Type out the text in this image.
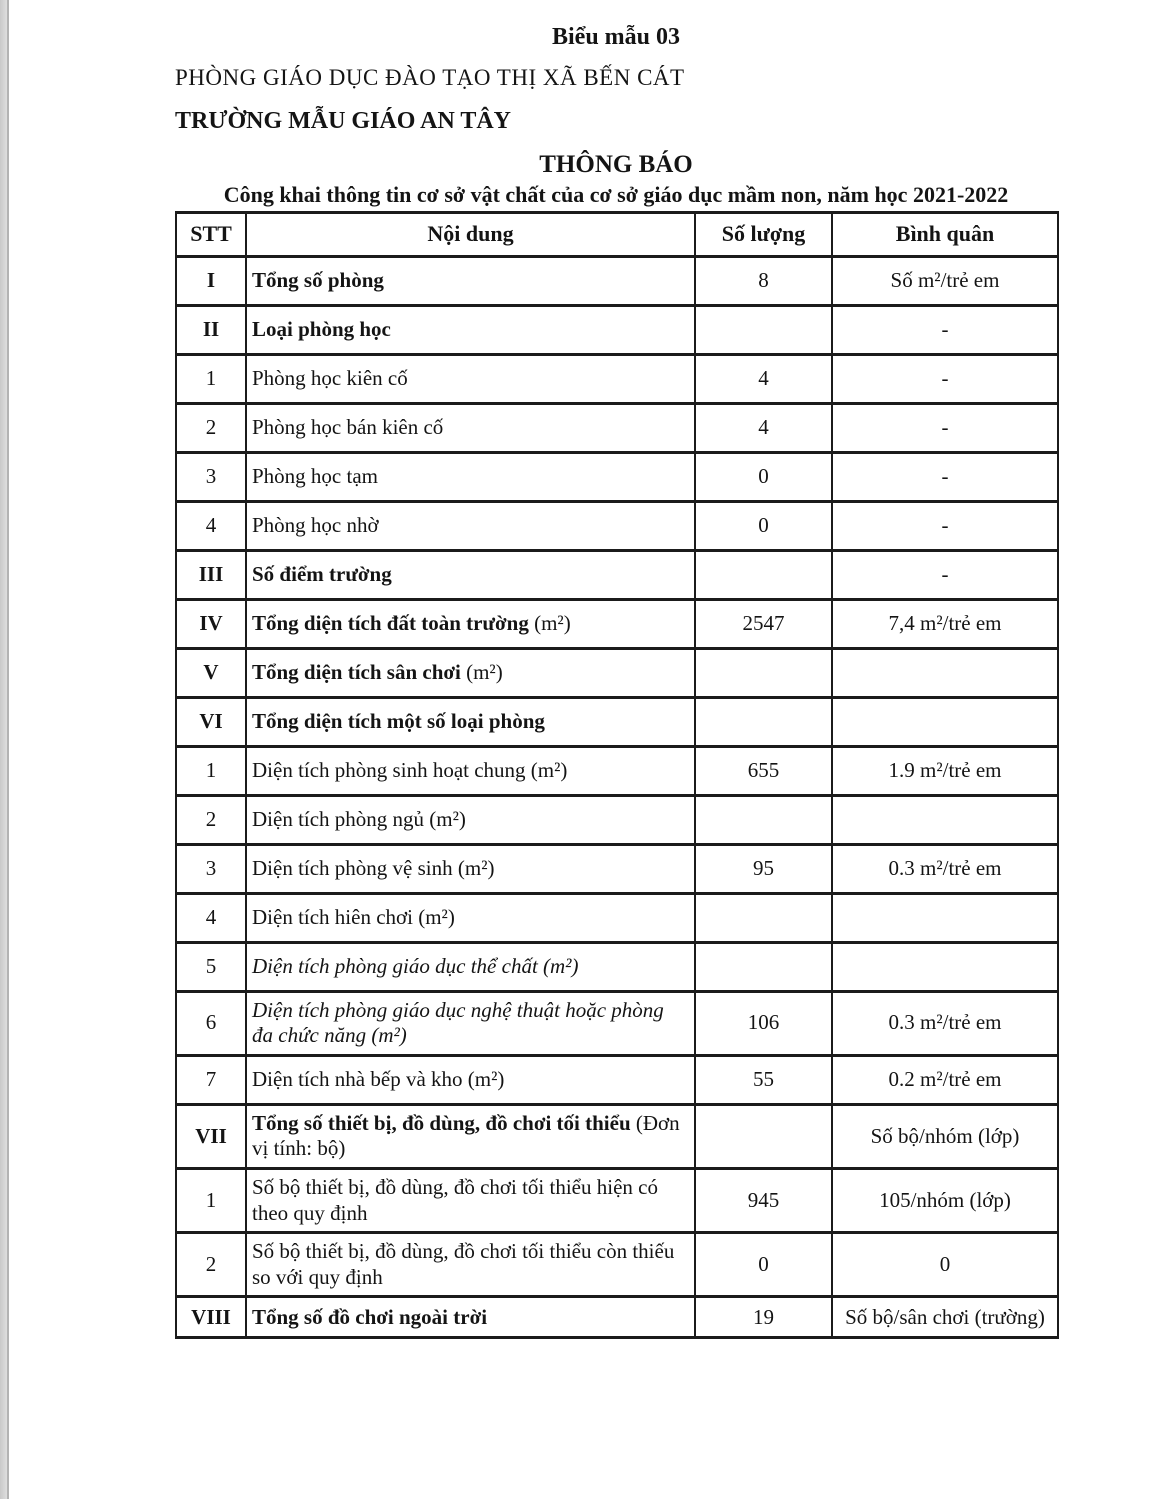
Biểu mẫu 03
PHÒNG GIÁO DỤC ĐÀO TẠO THỊ XÃ BẾN CÁT
TRƯỜNG MẪU GIÁO AN TÂY
THÔNG BÁO
Công khai thông tin cơ sở vật chất của cơ sở giáo dục mầm non, năm học 2021-2022
STT	Nội dung	Số lượng	Bình quân
I	Tổng số phòng	8	Số m²/trẻ em
II	Loại phòng học		-
1	Phòng học kiên cố	4	-
2	Phòng học bán kiên cố	4	-
3	Phòng học tạm	0	-
4	Phòng học nhờ	0	-
III	Số điểm trường		-
IV	Tổng diện tích đất toàn trường (m²)	2547	7,4 m²/trẻ em
V	Tổng diện tích sân chơi (m²)		
VI	Tổng diện tích một số loại phòng		
1	Diện tích phòng sinh hoạt chung (m²)	655	1.9 m²/trẻ em
2	Diện tích phòng ngủ (m²)		
3	Diện tích phòng vệ sinh (m²)	95	0.3 m²/trẻ em
4	Diện tích hiên chơi (m²)		
5	Diện tích phòng giáo dục thể chất (m²)		
6	Diện tích phòng giáo dục nghệ thuật hoặc phòng đa chức năng (m²)	106	0.3 m²/trẻ em
7	Diện tích nhà bếp và kho (m²)	55	0.2 m²/trẻ em
VII	Tổng số thiết bị, đồ dùng, đồ chơi tối thiểu (Đơn vị tính: bộ)		Số bộ/nhóm (lớp)
1	Số bộ thiết bị, đồ dùng, đồ chơi tối thiểu hiện có theo quy định	945	105/nhóm (lớp)
2	Số bộ thiết bị, đồ dùng, đồ chơi tối thiểu còn thiếu so với quy định	0	0
VIII	Tổng số đồ chơi ngoài trời	19	Số bộ/sân chơi (trường)
